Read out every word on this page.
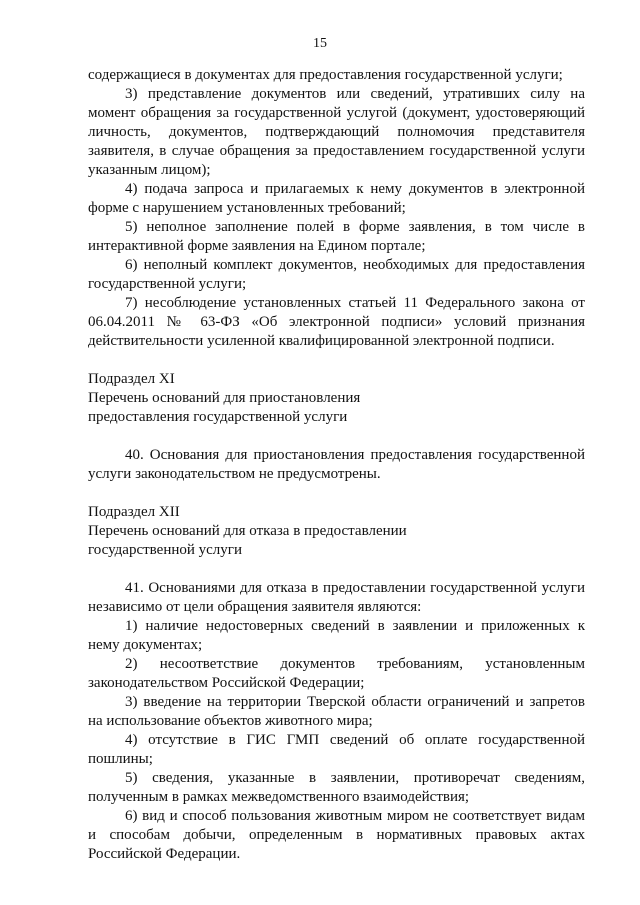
15

содержащиеся в документах для предоставления государственной услуги;

3) представление документов или сведений, утративших силу на момент обращения за государственной услугой (документ, удостоверяющий личность, документов, подтверждающий полномочия представителя заявителя, в случае обращения за предоставлением государственной услуги указанным лицом);

4) подача запроса и прилагаемых к нему документов в электронной форме с нарушением установленных требований;

5) неполное заполнение полей в форме заявления, в том числе в интерактивной форме заявления на Едином портале;

6) неполный комплект документов, необходимых для предоставления государственной услуги;

7) несоблюдение установленных статьей 11 Федерального закона от 06.04.2011 № 63-ФЗ «Об электронной подписи» условий признания действительности усиленной квалифицированной электронной подписи.

Подраздел XI

Перечень оснований для приостановления

предоставления государственной услуги

40. Основания для приостановления предоставления государственной услуги законодательством не предусмотрены.

Подраздел XII

Перечень оснований для отказа в предоставлении

государственной услуги

41. Основаниями для отказа в предоставлении государственной услуги независимо от цели обращения заявителя являются:

1) наличие недостоверных сведений в заявлении и приложенных к нему документах;

2) несоответствие документов требованиям, установленным законодательством Российской Федерации;

3) введение на территории Тверской области ограничений и запретов на использование объектов животного мира;

4) отсутствие в ГИС ГМП сведений об оплате государственной пошлины;

5) сведения, указанные в заявлении, противоречат сведениям, полученным в рамках межведомственного взаимодействия;

6) вид и способ пользования животным миром не соответствует видам и способам добычи, определенным в нормативных правовых актах Российской Федерации.
